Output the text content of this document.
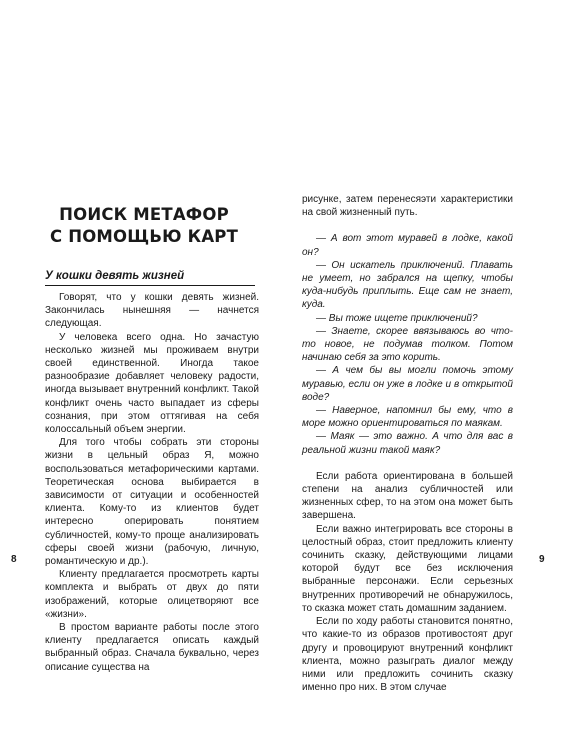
ПОИСК МЕТАФОР
С ПОМОЩЬЮ КАРТ
У кошки девять жизней

Говорят, что у кошки девять жизней. Закончилась нынешняя — начнется следующая.

У человека всего одна. Но зачастую несколько жизней мы проживаем внутри своей единственной. Иногда такое разнообразие добавляет человеку радости, иногда вызывает внутренний конфликт. Такой конфликт очень часто выпадает из сферы сознания, при этом оттягивая на себя колоссальный объем энергии.

Для того чтобы собрать эти стороны жизни в цельный образ Я, можно воспользоваться метафорическими картами. Теоретическая основа выбирается в зависимости от ситуации и особенностей клиента. Кому-то из клиентов будет интересно оперировать понятием субличностей, кому-то проще анализировать сферы своей жизни (рабочую, личную, романтическую и др.).

Клиенту предлагается просмотреть карты комплекта и выбрать от двух до пяти изображений, которые олицетворяют все «жизни».

В простом варианте работы после этого клиенту предлагается описать каждый выбранный образ. Сначала буквально, через описание существа на

8

рисунке, затем перенесяэти характеристики на свой жизненный путь.

— А вот этот муравей в лодке, какой он?

— Он искатель приключений. Плавать не умеет, но забрался на щепку, чтобы куда-нибудь приплыть. Еще сам не знает, куда.

— Вы тоже ищете приключений?

— Знаете, скорее ввязываюсь во что-то новое, не подумав толком. Потом начинаю себя за это корить.

— А чем бы вы могли помочь этому муравью, если он уже в лодке и в открытой воде?

— Наверное, напомнил бы ему, что в море можно ориентироваться по маякам.

— Маяк — это важно. А что для вас в реальной жизни такой маяк?

Если работа ориентирована в большей степени на анализ субличностей или жизненных сфер, то на этом она может быть завершена.

Если важно интегрировать все стороны в целостный образ, стоит предложить клиенту сочинить сказку, действующими лицами которой будут все без исключения выбранные персонажи. Если серьезных внутренних противоречий не обнаружилось, то сказка может стать домашним заданием.

Если по ходу работы становится понятно, что какие-то из образов противостоят друг другу и провоцируют внутренний конфликт клиента, можно разыграть диалог между ними или предложить сочинить сказку именно про них. В этом случае

9
